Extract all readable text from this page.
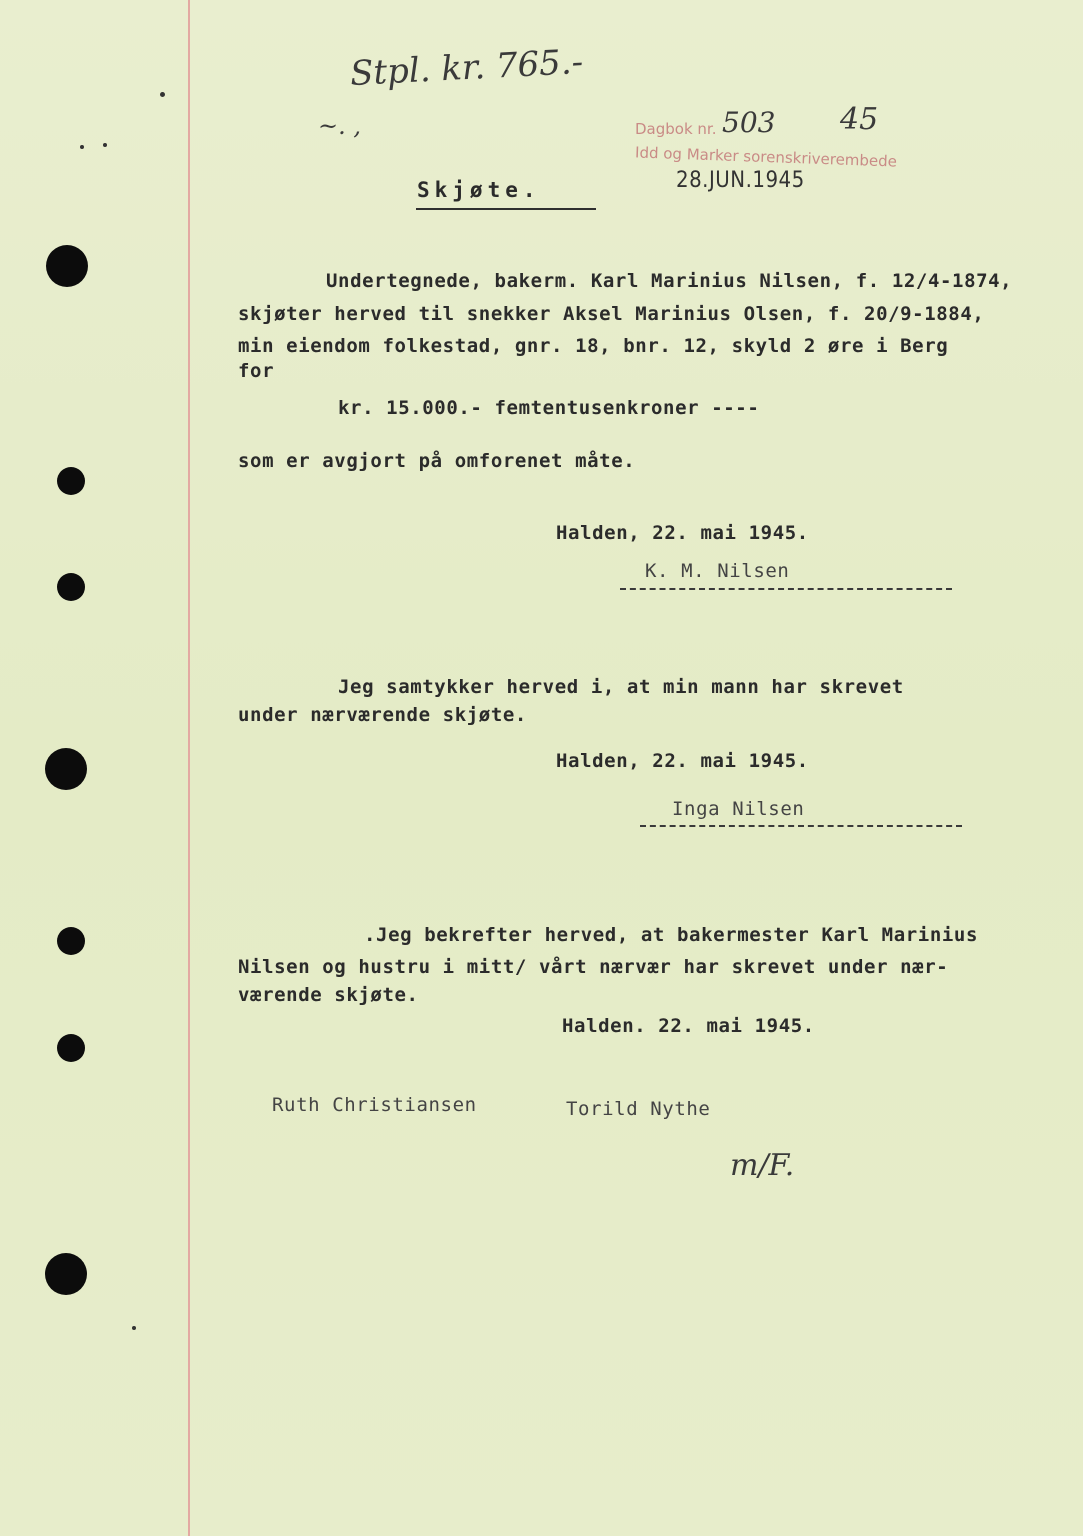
Stpl. kr. 765.-
~. ,	Dagbok nr. 503 45
Idd og Marker sorenskriverembede
28.JUN.1945
Skjøte.
Undertegnede, bakerm. Karl Marinius Nilsen, f. 12/4-1874,
skjøter herved til snekker Aksel Marinius Olsen, f. 20/9-1884,
min eiendom folkestad, gnr. 18, bnr. 12, skyld 2 øre i Berg
for
kr. 15.000.- femtentusenkroner ----
som er avgjort på omforenet måte.
Halden, 22. mai 1945.
K. M. Nilsen
Jeg samtykker herved i, at min mann har skrevet
under nærværende skjøte.
Halden, 22. mai 1945.
Inga Nilsen
.Jeg bekrefter herved, at bakermester Karl Marinius
Nilsen og hustru i mitt/ vårt nærvær har skrevet under nær-
værende skjøte.
Halden. 22. mai 1945.
Ruth Christiansen	Torild Nythe
m/F.
